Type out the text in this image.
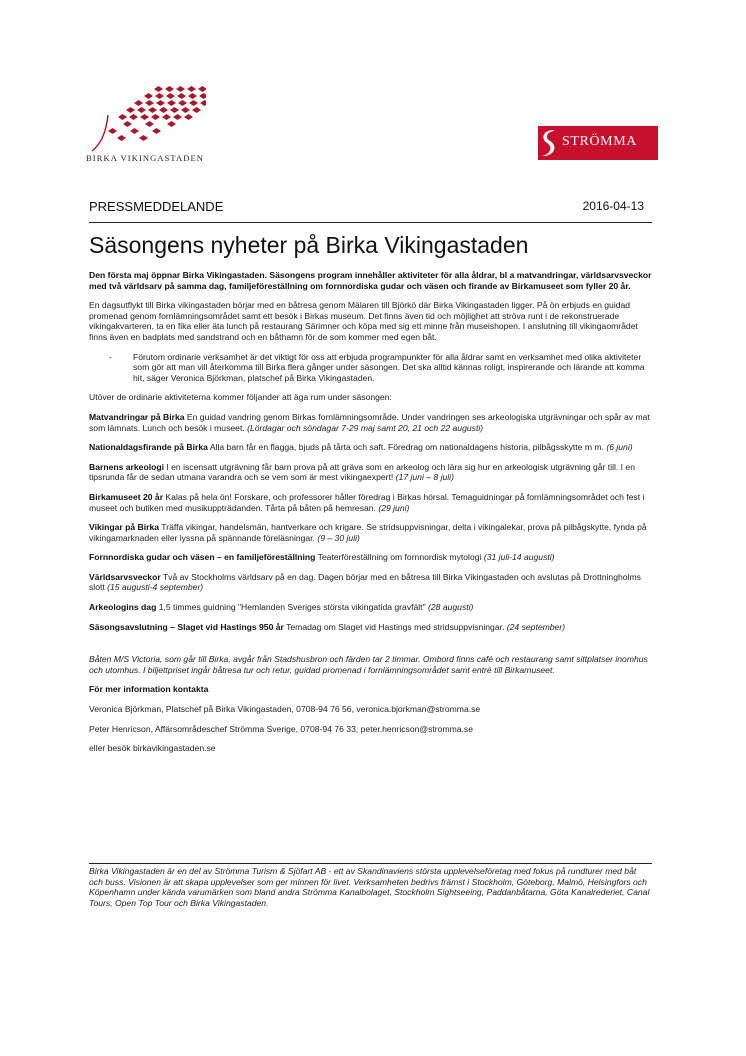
BIRKA VIKINGASTADEN
STRÖMMA
PRESSMEDDELANDE	2016-04-13
Säsongens nyheter på Birka Vikingastaden

Den första maj öppnar Birka Vikingastaden. Säsongens program innehåller aktiviteter för alla åldrar, bl a matvandringar, världsarvsveckor med två världsarv på samma dag, familjeföreställning om fornnordiska gudar och väsen och firande av Birkamuseet som fyller 20 år.

En dagsutflykt till Birka vikingastaden börjar med en båtresa genom Mälaren till Björkö där Birka Vikingastaden ligger. På ön erbjuds en guidad promenad genom fornlämningsområdet samt ett besök i Birkas museum. Det finns även tid och möjlighet att ströva runt i de rekonstruerade vikingakvarteren, ta en fika eller äta lunch på restaurang Särimner och köpa med sig ett minne från museishopen. I anslutning till vikingaområdet finns även en badplats med sandstrand och en båthamn för de som kommer med egen båt.

- Förutom ordinarie verksamhet är det viktigt för oss att erbjuda programpunkter för alla åldrar samt en verksamhet med olika aktiviteter som gör att man vill återkomma till Birka flera gånger under säsongen. Det ska alltid kännas roligt, inspirerande och lärande att komma hit, säger Veronica Björkman, platschef på Birka Vikingastaden.

Utöver de ordinarie aktiviteterna kommer följander att äga rum under säsongen:

Matvandringar på Birka En guidad vandring genom Birkas fornlämningsområde. Under vandringen ses arkeologiska utgrävningar och spår av mat som lämnats. Lunch och besök i museet. (Lördagar och söndagar 7-29 maj samt 20, 21 och 22 augusti)

Nationaldagsfirande på Birka Alla barn får en flagga, bjuds på tårta och saft. Föredrag om nationaldagens historia, pilbågsskytte m m. (6 juni)

Barnens arkeologi I en iscensatt utgrävning får barn prova på att gräva som en arkeolog och lära sig hur en arkeologisk utgrävning går till. I en tipsrunda får de sedan utmana varandra och se vem som är mest vikingaexpert! (17 juni – 8 juli)

Birkamuseet 20 år Kalas på hela ön! Forskare, och professorer håller föredrag i Birkas hörsal. Temaguidningar på fornlämningsområdet och fest i museet och butiken med musikuppträdanden. Tårta på båten på hemresan. (29 juni)

Vikingar på Birka Träffa vikingar, handelsmän, hantverkare och krigare. Se stridsuppvisningar, delta i vikingalekar, prova på pilbågskytte, fynda på vikingamarknaden eller lyssna på spännande föreläsningar. (9 – 30 juli)

Fornnordiska gudar och väsen – en familjeföreställning Teaterföreställning om fornnordisk mytologi (31 juli-14 augusti)

Världsarvsveckor Två av Stockholms världsarv på en dag. Dagen börjar med en båtresa till Birka Vikingastaden och avslutas på Drottningholms slott (15 augusti-4 september)

Arkeologins dag 1,5 timmes guidning "Hemlanden Sveriges största vikingatida gravfält" (28 augusti)

Säsongsavslutning – Slaget vid Hastings 950 år Temadag om Slaget vid Hastings med stridsuppvisningar. (24 september)

Båten M/S Victoria, som går till Birka, avgår från Stadshusbron och färden tar 2 timmar. Ombord finns café och restaurang samt sittplatser inomhus och utomhus. I biljettpriset ingår båtresa tur och retur, guidad promenad i fornlämningsområdet samt entré till Birkamuseet.

För mer information kontakta

Veronica Björkman, Platschef på Birka Vikingastaden, 0708-94 76 56, veronica.bjorkman@stromma.se

Peter Henricson, Affärsområdeschef Strömma Sverige, 0708-94 76 33, peter.henricson@stromma.se

eller besök birkavikingastaden.se

Birka Vikingastaden är en del av Strömma Turism & Sjöfart AB - ett av Skandinaviens största upplevelseföretag med fokus på rundturer med båt och buss. Visionen är att skapa upplevelser som ger minnen för livet. Verksamheten bedrivs främst i Stockholm, Göteborg, Malmö, Helsingfors och Köpenhamn under kända varumärken som bland andra Strömma Kanalbolaget, Stockholm Sightseeing, Paddanbåtarna, Göta Kanalrederiet, Canal Tours, Open Top Tour och Birka Vikingastaden.
